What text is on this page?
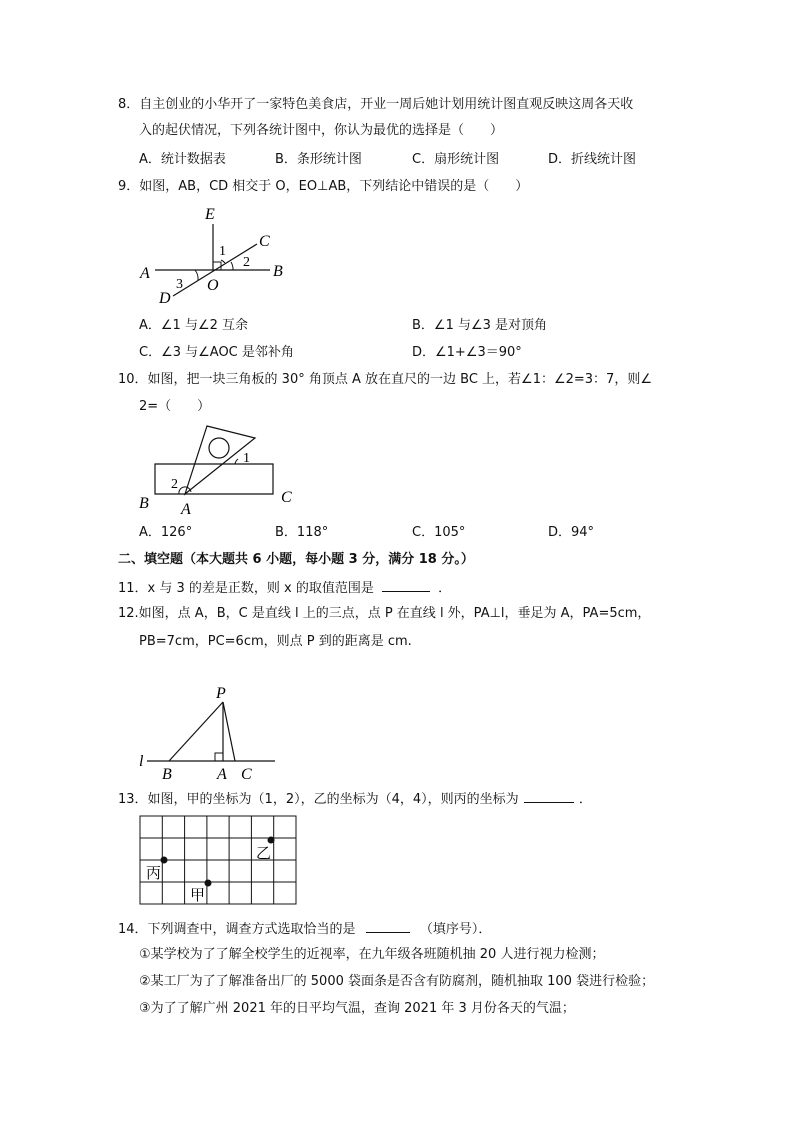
8．自主创业的小华开了一家特色美食店，开业一周后她计划用统计图直观反映这周各天收
入的起伏情况，下列各统计图中，你认为最优的选择是（　　）
A．统计数据表	B．条形统计图	C．扇形统计图	D．折线统计图
9．如图，AB，CD 相交于 O，EO⊥AB，下列结论中错误的是（　　）
E
C
A	B
D
O
1
2
3
A．∠1 与∠2 互余	B．∠1 与∠3 是对顶角
C．∠3 与∠AOC 是邻补角	D．∠1+∠3＝90°
10．如图，把一块三角板的 30° 角顶点 A 放在直尺的一边 BC 上，若∠1：∠2=3：7，则∠
2=（　　）
B	C
A
1
2
A．126°	B．118°	C．105°	D．94°
二、填空题（本大题共 6 小题，每小题 3 分，满分 18 分。）
11．x 与 3 的差是正数，则 x 的取值范围是	．
12.如图，点 A，B，C 是直线 l 上的三点，点 P 在直线 l 外，PA⊥l，垂足为 A，PA=5cm，
PB=7cm，PC=6cm，则点 P 到的距离是 cm.
P
l
B	A C
13．如图，甲的坐标为（1，2），乙的坐标为（4，4），则丙的坐标为	．
乙
丙
甲
14．下列调查中，调查方式选取恰当的是	（填序号）．
①某学校为了了解全校学生的近视率，在九年级各班随机抽 20 人进行视力检测；
②某工厂为了了解准备出厂的 5000 袋面条是否含有防腐剂，随机抽取 100 袋进行检验；
③为了了解广州 2021 年的日平均气温，查询 2021 年 3 月份各天的气温；
